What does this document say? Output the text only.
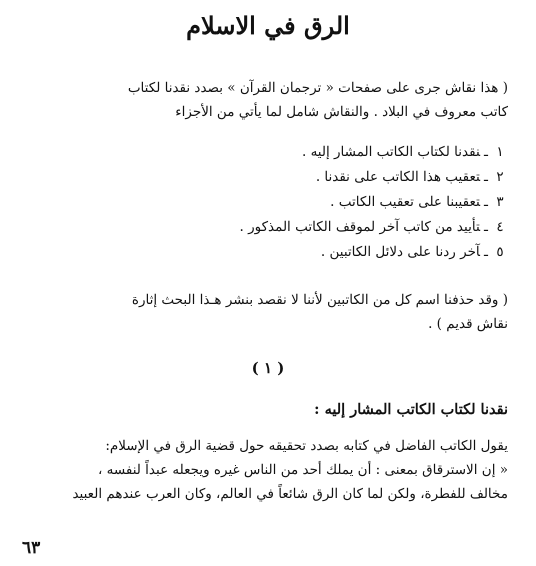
الرق في الاسلام
( هذا نقاش جرى على صفحات « ترجمان القرآن » بصدد نقدنا لكتاب
كاتب معروف في البلاد . والنقاش شامل لما يأتي من الأجزاء
١ـنقدنا لكتاب الكاتب المشار إليه .
٢ـتعقيب هذا الكاتب على نقدنا .
٣ـتعقيبنا على تعقيب الكاتب .
٤ـتأييد من كاتب آخر لموقف الكاتب المذكور .
٥ـآخر ردنا على دلائل الكاتبين .
( وقد حذفنا اسم كل من الكاتبين لأننا لا نقصد بنشر هـذا البحث إثارة
نقاش قديم ) .
( ١ )
نقدنا لكتاب الكاتب المشار إليه :
يقول الكاتب الفاضل في كتابه بصدد تحقيقه حول قضية الرق في الإسلام:
« إن الاسترقاق بمعنى : أن يملك أحد من الناس غيره ويجعله عبداً لنفسه ،
مخالف للفطرة، ولكن لما كان الرق شائعاً في العالم، وكان العرب عندهم العبيد
٦٣
